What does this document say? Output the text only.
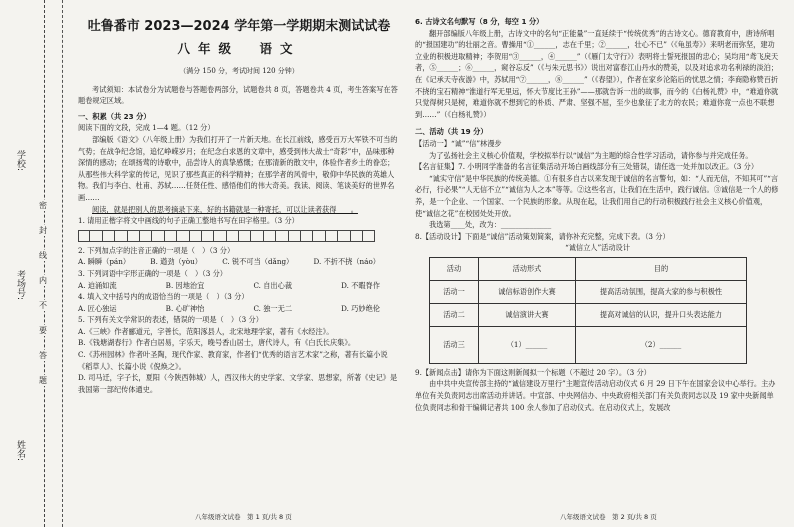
学校:
考场号:
姓名:
密
封
线
内
不
要
答
题
吐鲁番市 2023—2024 学年第一学期期末测试试卷
八年级　语文
（满分 150 分，考试时间 120 分钟）

考试须知：本试卷分为试题卷与答题卷两部分，试题卷共 8 页，答题卷共 4 页，考生答案写在答题卷规定区域。

一、积累（共 23 分）

阅读下面的文段，完成 1—4 题。（12 分）

部编版《语文》（八年级上册）为我们打开了一片新天地。在长江前线，感受百万大军铁不可当的气势；在战争纪念馆，追忆峥嵘岁月；在纪念白求恩的文章中，感受到伟大战士“奇彩”中，品味那种深情的感动；在颂扬莺的诗歌中，品尝诗人的真挚感慨；在那清新的散文中，体验作者乡土的眷恋；从那些伟大科学家的传记，见识了那些真正的科学精神；在那学者的风骨中，敬仰中华民族的英雄人物。我们与李白、杜甫、苏轼……任贤任性、感悟他们的伟大奇美。我读、阅读、笔谈美好的世界名画……

阅读，就是把别人的思考摘录下来，好的书籍就是一种寄托，可以让读者获得____。

1. 请用正楷字将文中画线的句子正确工整地书写在田字格里。（3 分）

2. 下列加点字的注音正确的一项是（　）（3 分）

A. 瞬瞬（pán）	B. 遒劲（yòu）	C. 锐不可当（dǎng）	D. 不折不挠（náo）

3. 下列词语中字形正确的一项是（　）（3 分）

A. 迫涌如流	B. 因地治宜	C. 自出心裁	D. 不暇脊作

4. 填入文中括号内的成语恰当的一项是（　）（3 分）

A. 匠心独运	B. 心旷神怡	C. 独一无二	D. 巧妙绝伦

5. 下列有关文学常识的表述，错误的一项是（　）（3 分）

A.《三峡》作者郦道元，字善长，范阳涿县人，北宋地理学家，著有《水经注》。

B.《钱塘湖春行》作者白居易，字乐天，晚号香山居士，唐代诗人，有《白氏长庆集》。

C.《苏州园林》作者叶圣陶，现代作家、教育家，作者们“优秀的语言艺术家”之称，著有长篇小说《稻草人》、长篇小说《倪焕之》。

D. 司马迁，字子长，夏阳（今陕西韩城）人，西汉伟大的史学家、文学家、思想家，所著《史记》是我国第一部纪传体通史。

八年级语文试卷　第 1 页/共 8 页

6. 古诗文名句默写（8 分，每空 1 分）

翻开部编版八年级上册，古诗文中的名句“正能量”一直延续于“传统优秀”的古诗文心。德育教育中，唐诗所唱的“报国建功”的壮丽之音。曹操用“①______，志在千里；②______，壮心不已”（《龟虽寿》）来明老而弥坚，建功立业的积极进取精神；李贺用“③______，④______”（《雁门太守行》）表明将士誓死报国的忠心；吴均用“鸢飞戾天者，⑤______；⑥______，窥谷忘反”（《与朱元思书》）说出对富春江山丹水的赞美，以及对追求功名利禄的淡泊；在《记承天寺夜游》中，苏轼用“⑦______，⑧______”（《春望》），作者在家乡沦陷后的忧思之情；李商隐称赞百折不挠的宝石精神“淮道行军无里远，怀大节度比王孙”——那就告诉一出的故事，而今的《白杨礼赞》中，“难道你就只觉得树只是树，难道你就不想到它的朴质、严肃、坚强不屈，至少也象征了北方的农民；难道你竟一点也不联想到……”（《白杨礼赞》）

二、活动（共 19 分）

【活动一】“诚”“信”林漫步

为了弘扬社会主义核心价值观，学校拟举行以“诚信”为主题的综合性学习活动，请你参与并完成任务。

【名言征集】7. 小明同学准备的名言征集活动开场白画线部分有三处错误，请任选一处并加以改正。（3 分）

“诚实守信”是中华民族的传统美德。①有很多自古以来发现于诚信的名言警句，如：“人而无信，不知其可”“言必行，行必果”“人无信不立”“诚信为人之本”等等。②这些名言，让我们在生活中，践行诚信。③诚信是一个人的修养，是一个企业、一个国家、一个民族的形象。从现在起，让我们用自己的行动积极践行社会主义核心价值观，使“诚信之花”在校园处处开放。

我选第____处，改为：______________

8.【活动设计】下面是“诚信”活动策划简案，请你补充完整，完成下表。（3 分）

“诚信立人”活动设计

活动	活动形式	目的
活动一	诚信标语创作大赛	提高活动氛围，提高大家的参与积极性
活动二	诚信演讲大赛	提高对诚信的认识，提升口头表达能力
活动三	（1）______	（2）______

9.【新闻点击】请你为下面这则新闻拟一个标题（不超过 20 字）。（3 分）

由中共中央宣传部主持的“诚信建设万里行”主题宣传活动启动仪式 6 月 29 日下午在国家会议中心举行。主办单位有关负责同志出席活动并讲话。中宣部、中央网信办、中央政府相关部门有关负责同志以及 19 家中央新闻单位负责同志和骨干编辑记者共 100 余人参加了启动仪式。在启动仪式上，发展改

八年级语文试卷　第 2 页/共 8 页
